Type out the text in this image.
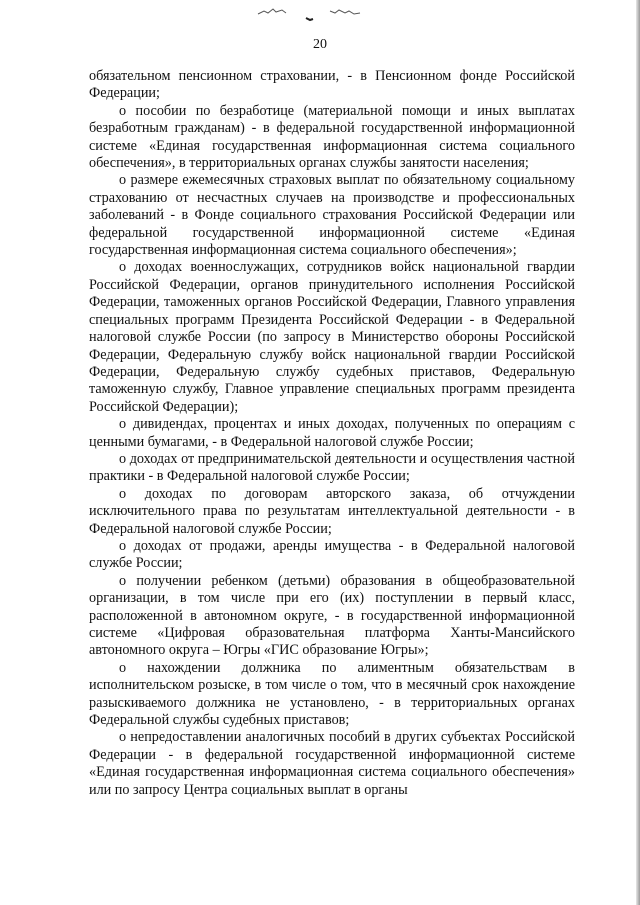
20

обязательном пенсионном страховании, - в Пенсионном фонде Российской Федерации;

о пособии по безработице (материальной помощи и иных выплатах безработным гражданам) - в федеральной государственной информационной системе «Единая государственная информационная система социального обеспечения», в территориальных органах службы занятости населения;

о размере ежемесячных страховых выплат по обязательному социальному страхованию от несчастных случаев на производстве и профессиональных заболеваний - в Фонде социального страхования Российской Федерации или федеральной государственной информационной системе «Единая государственная информационная система социального обеспечения»;

о доходах военнослужащих, сотрудников войск национальной гвардии Российской Федерации, органов принудительного исполнения Российской Федерации, таможенных органов Российской Федерации, Главного управления специальных программ Президента Российской Федерации - в Федеральной налоговой службе России (по запросу в Министерство обороны Российской Федерации, Федеральную службу войск национальной гвардии Российской Федерации, Федеральную службу судебных приставов, Федеральную таможенную службу, Главное управление специальных программ президента Российской Федерации);

о дивидендах, процентах и иных доходах, полученных по операциям с ценными бумагами, - в Федеральной налоговой службе России;

о доходах от предпринимательской деятельности и осуществления частной практики - в Федеральной налоговой службе России;

о доходах по договорам авторского заказа, об отчуждении исключительного права по результатам интеллектуальной деятельности - в Федеральной налоговой службе России;

о доходах от продажи, аренды имущества - в Федеральной налоговой службе России;

о получении ребенком (детьми) образования в общеобразовательной организации, в том числе при его (их) поступлении в первый класс, расположенной в автономном округе, - в государственной информационной системе «Цифровая образовательная платформа Ханты-Мансийского автономного округа – Югры «ГИС образование Югры»;

о нахождении должника по алиментным обязательствам в исполнительском розыске, в том числе о том, что в месячный срок нахождение разыскиваемого должника не установлено, - в территориальных органах Федеральной службы судебных приставов;

о непредоставлении аналогичных пособий в других субъектах Российской Федерации - в федеральной государственной информационной системе «Единая государственная информационная система социального обеспечения» или по запросу Центра социальных выплат в органы
